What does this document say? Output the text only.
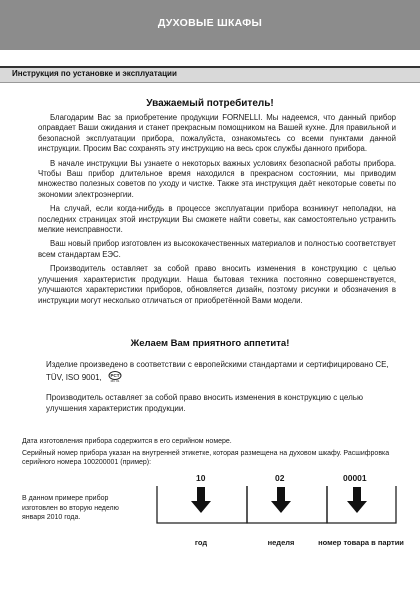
ДУХОВЫЕ ШКАФЫ
Инструкция по установке и эксплуатации
Уважаемый потребитель!

Благодарим Вас за приобретение продукции FORNELLI. Мы надеемся, что данный прибор оправдает Ваши ожидания и станет прекрасным помощником на Вашей кухне. Для правильной и безопасной эксплуатации прибора, пожалуйста, ознакомьтесь со всеми пунктами данной инструкции. Просим Вас сохранять эту инструкцию на весь срок службы данного прибора.

В начале инструкции Вы узнаете о некоторых важных условиях безопасной работы прибора. Чтобы Ваш прибор длительное время находился в прекрасном состоянии, мы приводим множество полезных советов по уходу и чистке. Также эта инструкция даёт некоторые советы по экономии электроэнергии.

На случай, если когда-нибудь в процессе эксплуатации прибора возникнут неполадки, на последних страницах этой инструкции Вы сможете найти советы, как самостоятельно устранить мелкие неисправности.

Ваш новый прибор изготовлен из высококачественных материалов и полностью соответствует всем стандартам ЕЭС.

Производитель оставляет за собой право вносить изменения в конструкцию с целью улучшения характеристик продукции. Наша бытовая техника постоянно совершенствуется, улучшаются характеристики приборов, обновляется дизайн, поэтому рисунки и обозначения в инструкции могут несколько отличаться от приобретённой Вами модели.

Желаем Вам приятного аппетита!

Изделие произведено в соответствии с европейскими стандартами и сертифицировано CE, TÜV, ISO 9001, PCT
МС 01

Производитель оставляет за собой право вносить изменения в конструкцию с целью улучшения характеристик продукции.

Дата изготовления прибора содержится в его серийном номере.

Серийный номер прибора указан на внутренней этикетке, которая размещена на духовом шкафу. Расшифровка серийного номера 100200001 (пример):

В данном примере прибор изготовлен во вторую неделю января 2010 года.
10	02	00001
год	неделя	номер товара в партии
